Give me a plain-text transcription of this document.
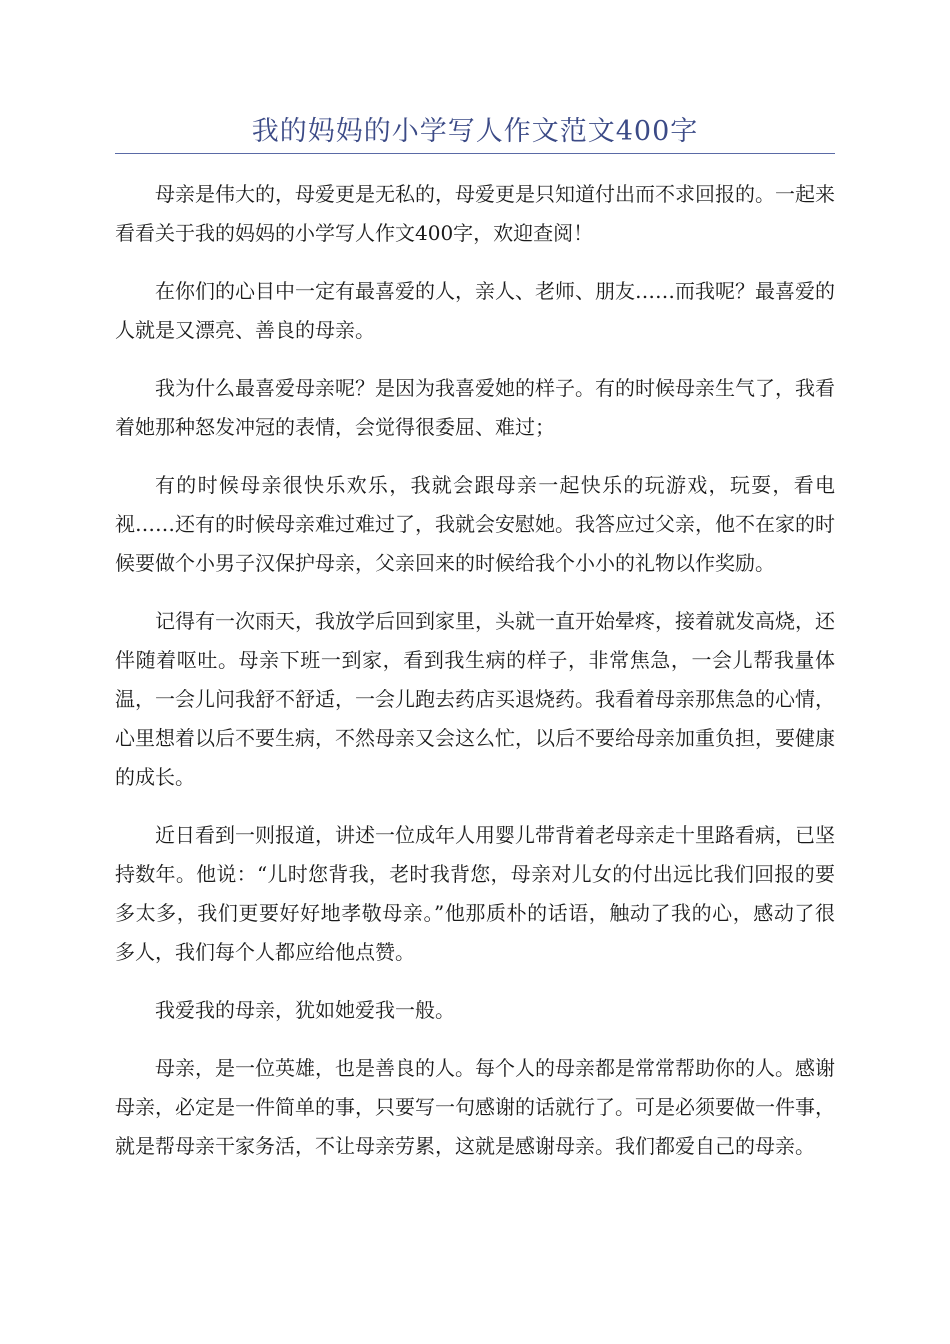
我的妈妈的小学写人作文范文400字

母亲是伟大的，母爱更是无私的，母爱更是只知道付出而不求回报的。一起来看看关于我的妈妈的小学写人作文400字，欢迎查阅！

在你们的心目中一定有最喜爱的人，亲人、老师、朋友……而我呢？最喜爱的人就是又漂亮、善良的母亲。

我为什么最喜爱母亲呢？是因为我喜爱她的样子。有的时候母亲生气了，我看着她那种怒发冲冠的表情，会觉得很委屈、难过；

有的时候母亲很快乐欢乐，我就会跟母亲一起快乐的玩游戏，玩耍，看电视……还有的时候母亲难过难过了，我就会安慰她。我答应过父亲，他不在家的时候要做个小男子汉保护母亲，父亲回来的时候给我个小小的礼物以作奖励。

记得有一次雨天，我放学后回到家里，头就一直开始晕疼，接着就发高烧，还伴随着呕吐。母亲下班一到家，看到我生病的样子，非常焦急，一会儿帮我量体温，一会儿问我舒不舒适，一会儿跑去药店买退烧药。我看着母亲那焦急的心情，心里想着以后不要生病，不然母亲又会这么忙，以后不要给母亲加重负担，要健康的成长。

近日看到一则报道，讲述一位成年人用婴儿带背着老母亲走十里路看病，已坚持数年。他说：“儿时您背我，老时我背您，母亲对儿女的付出远比我们回报的要多太多，我们更要好好地孝敬母亲。”他那质朴的话语，触动了我的心，感动了很多人，我们每个人都应给他点赞。

我爱我的母亲，犹如她爱我一般。

母亲，是一位英雄，也是善良的人。每个人的母亲都是常常帮助你的人。感谢母亲，必定是一件简单的事，只要写一句感谢的话就行了。可是必须要做一件事，就是帮母亲干家务活，不让母亲劳累，这就是感谢母亲。我们都爱自己的母亲。
